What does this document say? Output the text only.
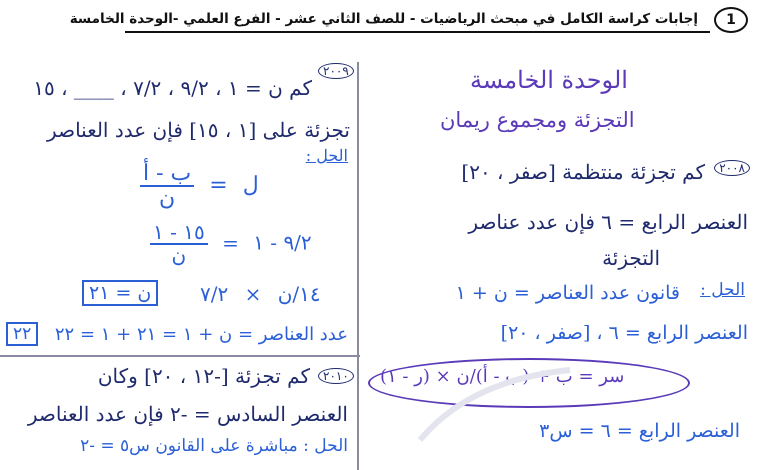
إجابات كراسة الكامل في مبحث الرياضيات - للصف الثاني عشر - الفرع العلمي -الوحدة الخامسة	1
الوحدة الخامسة
التجزئة ومجموع ريمان
٢٠٠٨
كم تجزئة منتظمة [صفر ، ٢٠]
العنصر الرابع = ٦ فإن عدد عناصر
التجزئة
الحل :
قانون عدد العناصر = ن + ١
العنصر الرابع = ٦ ، [صفر ، ٢٠]
سر = ب + (ب - أ)/ن × (ر - ١)
العنصر الرابع = ٦ = س٣
٢٠٠٩
كم ن = ١ ، ٩/٢ ، ٧/٢ ، ____ ، ١٥
تجزئة على [١ ، ١٥] فإن عدد العناصر
الحل :
$\frac{\text{ب - أ}}{\text{ن}}$ = ل
$\frac{١٥ - ١}{\text{ن}}$ = ٩/٢ - ١
ن = ٢١	١٤/ن × ٧/٢
عدد العناصر = ن + ١ = ٢١ + ١ = ٢٢
٢٢
٢٠١٠
كم تجزئة [-١٢ ، ٢٠] وكان
العنصر السادس = -٢ فإن عدد العناصر
الحل : مباشرة على القانون س٥ = -٢
